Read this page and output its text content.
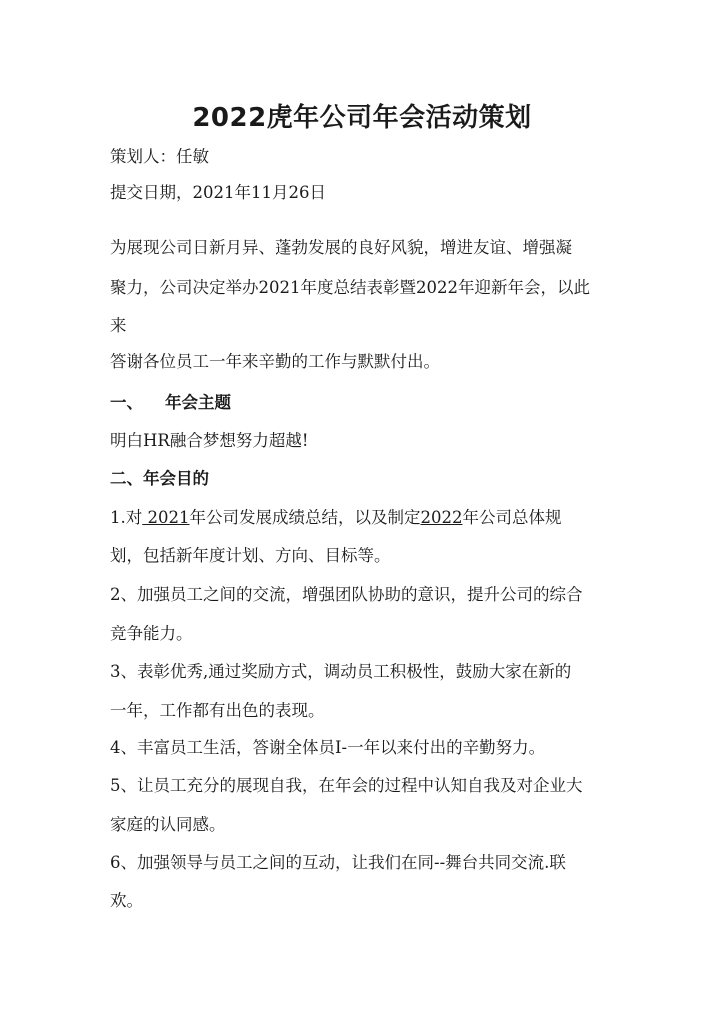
2022虎年公司年会活动策划

策划人：任敏

提交日期，2021年11月26日

为展现公司日新月异、蓬勃发展的良好风貌，增进友谊、增强凝

聚力，公司决定举办2021年度总结表彰暨2022年迎新年会，以此

来

答谢各位员工一年来辛勤的工作与默默付出。

一、 年会主题

明白HR融合梦想努力超越!

二、年会目的

1.对 2021年公司发展成绩总结，以及制定2022年公司总体规

划，包括新年度计划、方向、目标等。

2、加强员工之间的交流，增强团队协助的意识，提升公司的综合

竞争能力。

3、表彰优秀,通过奖励方式，调动员工积极性，鼓励大家在新的

一年，工作都有出色的表现。

4、丰富员工生活，答谢全体员I-一年以来付出的辛勤努力。

5、让员工充分的展现自我，在年会的过程中认知自我及对企业大

家庭的认同感。

6、加强领导与员工之间的互动，让我们在同--舞台共同交流.联

欢。
